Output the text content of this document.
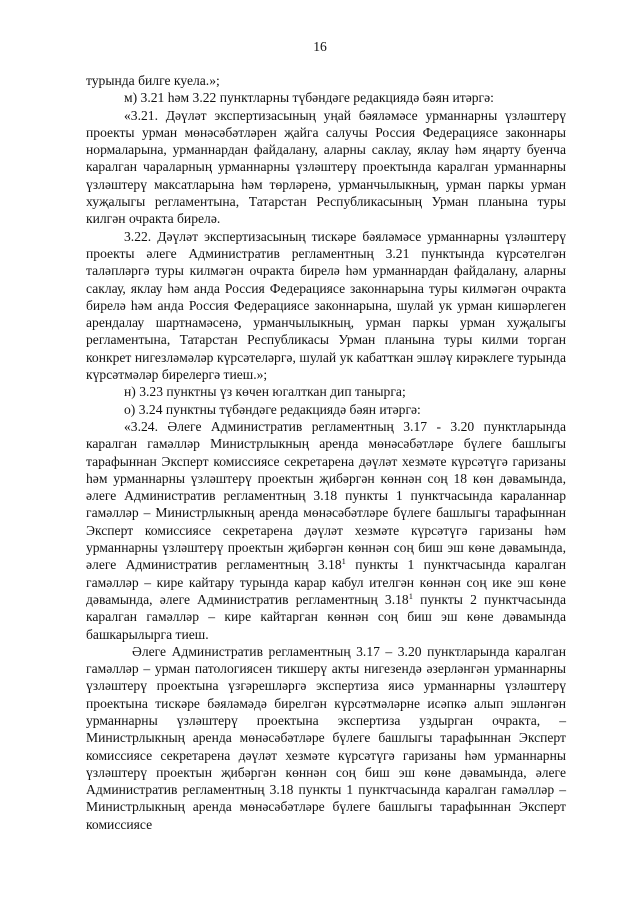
16

турында билге куела.»;

м) 3.21 һәм 3.22 пунктларны түбәндәге редакциядә бәян итәргә:

«3.21. Дәүләт экспертизасының уңай бәяләмәсе урманнарны үзләштерү проекты урман мөнәсәбәтләрен җайга салучы Россия Федерациясе законнары нормаларына, урманнардан файдалану, аларны саклау, яклау һәм яңарту буенча каралган чараларның урманнарны үзләштерү проектында каралган урманнарны үзләштерү максатларына һәм төрләренә, урманчылыкның, урман паркы урман хуҗалыгы регламентына, Татарстан Республикасының Урман планына туры килгән очракта бирелә.

3.22. Дәүләт экспертизасының тискәре бәяләмәсе урманнарны үзләштерү проекты әлеге Административ регламентның 3.21 пунктында күрсәтелгән таләпләргә туры килмәгән очракта бирелә һәм урманнардан файдалану, аларны саклау, яклау һәм анда Россия Федерациясе законнарына туры килмәгән очракта бирелә һәм анда Россия Федерациясе законнарына, шулай ук урман кишәрлеген арендалау шартнамәсенә, урманчылыкның, урман паркы урман хуҗалыгы регламентына, Татарстан Республикасы Урман планына туры килми торган конкрет нигезләмәләр күрсәтеләргә, шулай ук кабатткан эшләү кирәклеге турында күрсәтмәләр бирелергә тиеш.»;

н) 3.23 пунктны үз көчен югалткан дип танырга;

о) 3.24 пунктны түбәндәге редакциядә бәян итәргә:

«3.24. Әлеге Административ регламентның 3.17 - 3.20 пунктларында каралган гамәлләр Министрлыкның аренда мөнәсәбәтләре бүлеге башлыгы тарафыннан Эксперт комиссиясе секретарена дәүләт хезмәте күрсәтүгә гаризаны һәм урманнарны үзләштерү проектын җибәргән көннән соң 18 көн дәвамында, әлеге Административ регламентның 3.18 пункты 1 пунктчасында караланнар гамәлләр – Министрлыкның аренда мөнәсәбәтләре бүлеге башлыгы тарафыннан Эксперт комиссиясе секретарена дәүләт хезмәте күрсәтүгә гаризаны һәм урманнарны үзләштерү проектын җибәргән көннән соң биш эш көне дәвамында, әлеге Административ регламентның 3.18$^1$ пункты 1 пунктчасында каралган гамәлләр – кире кайтару турында карар кабул ителгән көннән соң ике эш көне дәвамында, әлеге Административ регламентның 3.18$^1$ пункты 2 пунктчасында каралган гамәлләр – кире кайтарган көннән соң биш эш көне дәвамында башкарылырга тиеш.

Әлеге Административ регламентның 3.17 – 3.20 пунктларында каралган гамәлләр – урман патологиясен тикшерү акты нигезендә әзерләнгән урманнарны үзләштерү проектына үзгәрешләргә экспертиза яисә урманнарны үзләштерү проектына тискәре бәяләмәдә бирелгән күрсәтмәләрне исәпкә алып эшләнгән урманнарны үзләштерү проектына экспертиза уздырган очракта, – Министрлыкның аренда мөнәсәбәтләре бүлеге башлыгы тарафыннан Эксперт комиссиясе секретарена дәүләт хезмәте күрсәтүгә гаризаны һәм урманнарны үзләштерү проектын җибәргән көннән соң биш эш көне дәвамында, әлеге Административ регламентның 3.18 пункты 1 пунктчасында каралган гамәлләр – Министрлыкның аренда мөнәсәбәтләре бүлеге башлыгы тарафыннан Эксперт комиссиясе
